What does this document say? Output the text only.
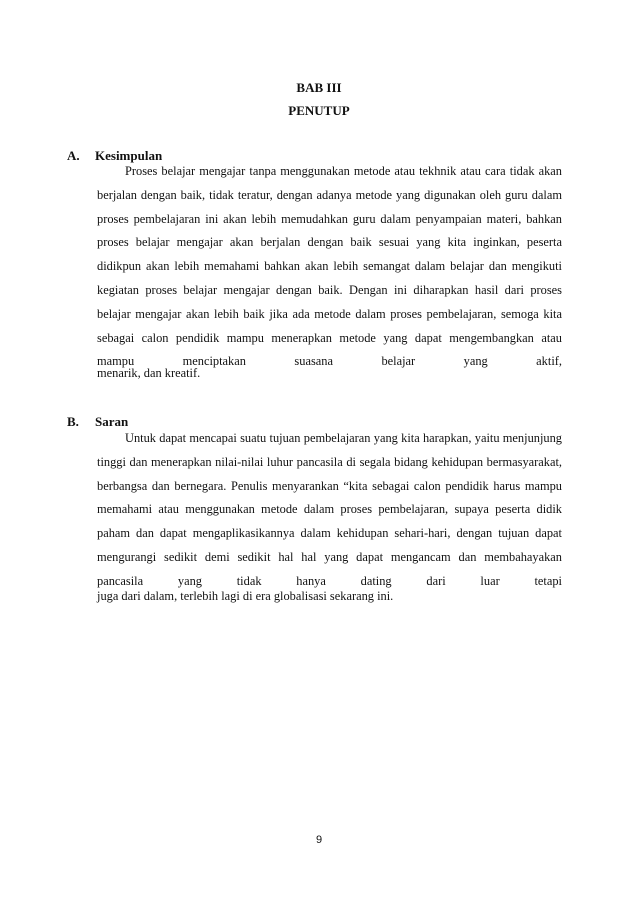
BAB III
PENUTUP
A. Kesimpulan
Proses belajar mengajar tanpa menggunakan metode atau tekhnik atau cara tidak akan berjalan dengan baik, tidak teratur, dengan adanya metode yang digunakan oleh guru dalam proses pembelajaran ini akan lebih memudahkan guru dalam penyampaian materi, bahkan proses belajar mengajar akan berjalan dengan baik sesuai yang kita inginkan, peserta didikpun akan lebih memahami bahkan akan lebih semangat dalam belajar dan mengikuti kegiatan proses belajar mengajar dengan baik. Dengan ini diharapkan hasil dari proses belajar mengajar akan lebih baik jika ada metode dalam proses pembelajaran, semoga kita sebagai calon pendidik mampu menerapkan metode yang dapat mengembangkan atau mampu menciptakan suasana belajar yang aktif,
menarik, dan kreatif.
B. Saran
Untuk dapat mencapai suatu tujuan pembelajaran yang kita harapkan, yaitu menjunjung tinggi dan menerapkan nilai-nilai luhur pancasila di segala bidang kehidupan bermasyarakat, berbangsa dan bernegara. Penulis menyarankan “kita sebagai calon pendidik harus mampu memahami atau menggunakan metode dalam proses pembelajaran, supaya peserta didik paham dan dapat mengaplikasikannya dalam kehidupan sehari-hari, dengan tujuan dapat mengurangi sedikit demi sedikit hal hal yang dapat mengancam dan membahayakan pancasila yang tidak hanya dating dari luar tetapi
juga dari dalam, terlebih lagi di era globalisasi sekarang ini.
9
